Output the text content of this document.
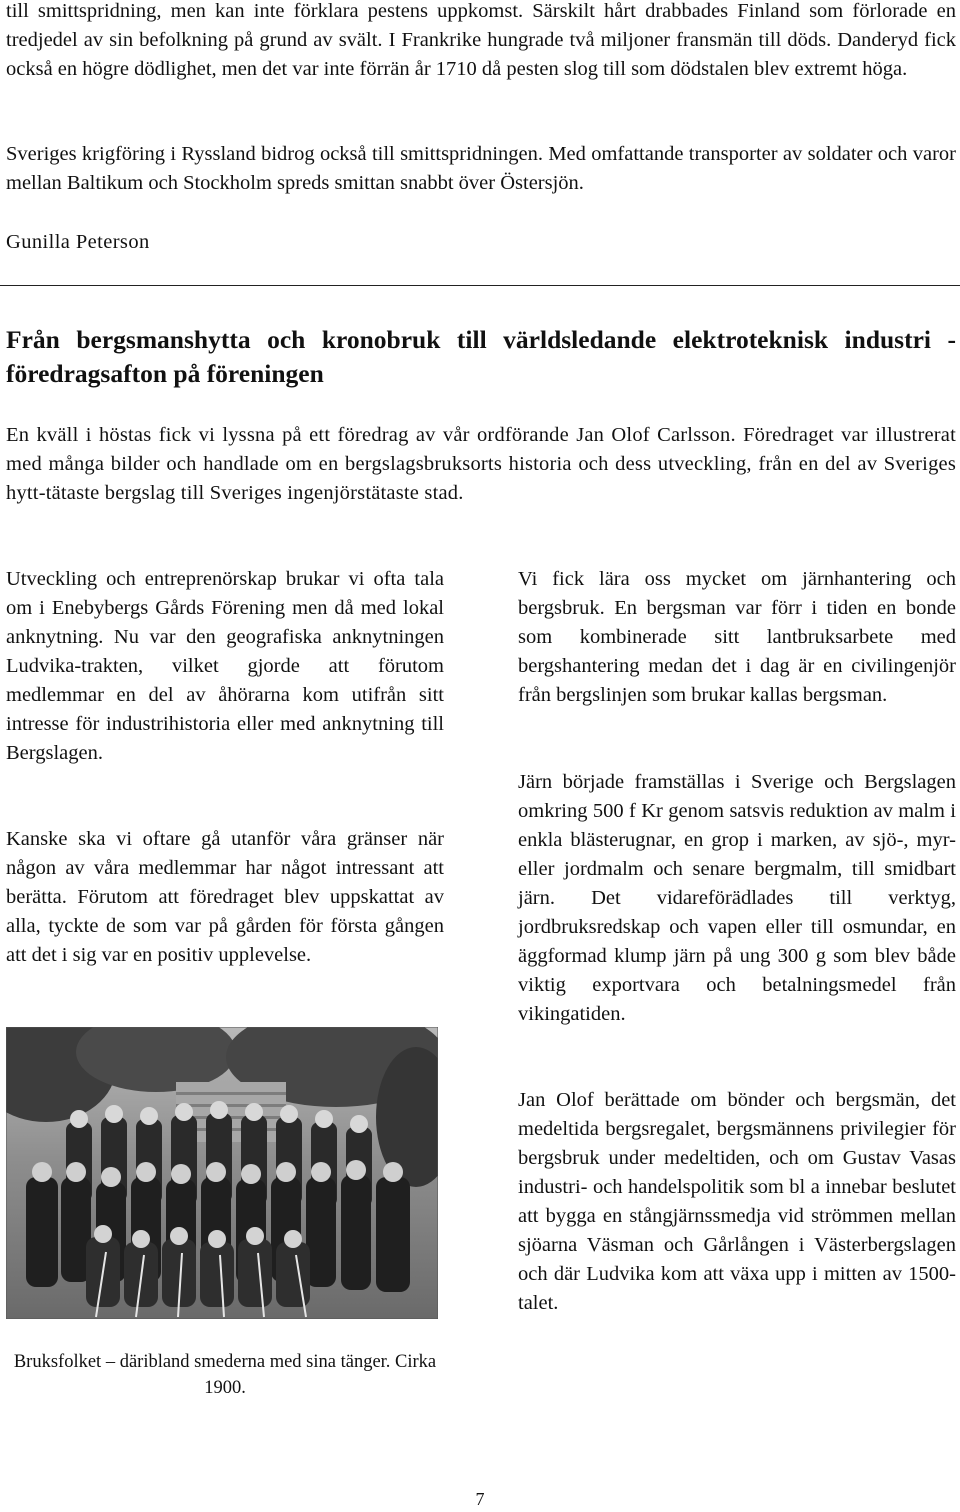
till smittspridning, men kan inte förklara pestens uppkomst. Särskilt hårt drabbades Finland som förlorade en tredjedel av sin befolkning på grund av svält. I Frankrike hungrade två miljoner fransmän till döds. Danderyd fick också en högre dödlighet, men det var inte förrän år 1710 då pesten slog till som dödstalen blev extremt höga.

Sveriges krigföring i Ryssland bidrog också till smittspridningen. Med omfattande transporter av soldater och varor mellan Baltikum och Stockholm spreds smittan snabbt över Östersjön.

Gunilla Peterson

Från bergsmanshytta och kronobruk till världsledande elektroteknisk industri - föredragsafton på föreningen

En kväll i höstas fick vi lyssna på ett föredrag av vår ordförande Jan Olof Carlsson. Föredraget var illustrerat med många bilder och handlade om en bergslagsbruksorts historia och dess utveckling, från en del av Sveriges hytt-tätaste bergslag till Sveriges ingenjörstätaste stad.

Utveckling och entreprenörskap brukar vi ofta tala om i Enebybergs Gårds Förening men då med lokal anknytning. Nu var den geografiska anknytningen Ludvika-trakten, vilket gjorde att förutom medlemmar en del av åhörarna kom utifrån sitt intresse för industrihistoria eller med anknytning till Bergslagen.

Kanske ska vi oftare gå utanför våra gränser när någon av våra medlemmar har något intressant att berätta. Förutom att föredraget blev uppskattat av alla, tyckte de som var på gården för första gången att det i sig var en positiv upplevelse.

Bruksfolket – däribland smederna med sina tänger. Cirka 1900.

Vi fick lära oss mycket om järnhantering och bergsbruk. En bergsman var förr i tiden en bonde som kombinerade sitt lantbruksarbete med bergshantering medan det i dag är en civilingenjör från bergslinjen som brukar kallas bergsman.

Järn började framställas i Sverige och Bergslagen omkring 500 f Kr genom satsvis reduktion av malm i enkla blästerugnar, en grop i marken, av sjö-, myr- eller jordmalm och senare bergmalm, till smidbart järn. Det vidareförädlades till verktyg, jordbruksredskap och vapen eller till osmundar, en äggformad klump järn på ung 300 g som blev både viktig exportvara och betalningsmedel från vikingatiden.

Jan Olof berättade om bönder och bergsmän, det medeltida bergsregalet, bergsmännens privilegier för bergsbruk under medeltiden, och om Gustav Vasas industri- och handelspolitik som bl a innebar beslutet att bygga en stångjärnssmedja vid strömmen mellan sjöarna Väsman och Gårlången i Västerbergslagen och där Ludvika kom att växa upp i mitten av 1500-talet.

7
